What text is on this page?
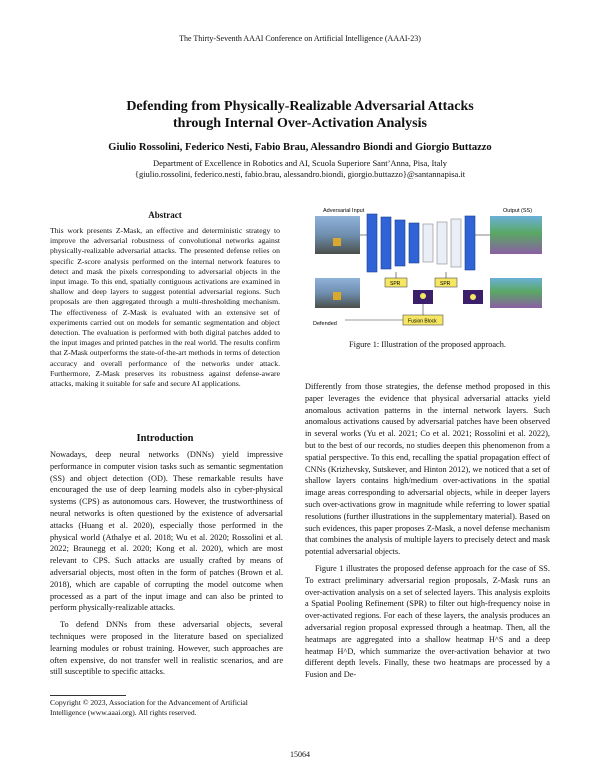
The Thirty-Seventh AAAI Conference on Artificial Intelligence (AAAI-23)
Defending from Physically-Realizable Adversarial Attacks
through Internal Over-Activation Analysis
Giulio Rossolini, Federico Nesti, Fabio Brau, Alessandro Biondi and Giorgio Buttazzo
Department of Excellence in Robotics and AI, Scuola Superiore Sant’Anna, Pisa, Italy
{giulio.rossolini, federico.nesti, fabio.brau, alessandro.biondi, giorgio.buttazzo}@santannapisa.it
Abstract
This work presents Z-Mask, an effective and deterministic strategy to improve the adversarial robustness of convolutional networks against physically-realizable adversarial attacks. The presented defense relies on specific Z-score analysis performed on the internal network features to detect and mask the pixels corresponding to adversarial objects in the input image. To this end, spatially contiguous activations are examined in shallow and deep layers to suggest potential adversarial regions. Such proposals are then aggregated through a multi-thresholding mechanism. The effectiveness of Z-Mask is evaluated with an extensive set of experiments carried out on models for semantic segmentation and object detection. The evaluation is performed with both digital patches added to the input images and printed patches in the real world. The results confirm that Z-Mask outperforms the state-of-the-art methods in terms of detection accuracy and overall performance of the networks under attack. Furthermore, Z-Mask preserves its robustness against defense-aware attacks, making it suitable for safe and secure AI applications.
Introduction

Nowadays, deep neural networks (DNNs) yield impressive performance in computer vision tasks such as semantic segmentation (SS) and object detection (OD). These remarkable results have encouraged the use of deep learning models also in cyber-physical systems (CPS) as autonomous cars. However, the trustworthiness of neural networks is often questioned by the existence of adversarial attacks (Huang et al. 2020), especially those performed in the physical world (Athalye et al. 2018; Wu et al. 2020; Rossolini et al. 2022; Braunegg et al. 2020; Kong et al. 2020), which are most relevant to CPS. Such attacks are usually crafted by means of adversarial objects, most often in the form of patches (Brown et al. 2018), which are capable of corrupting the model outcome when processed as a part of the input image and can also be printed to perform physically-realizable attacks.

To defend DNNs from these adversarial objects, several techniques were proposed in the literature based on specialized learning modules or robust training. However, such approaches are often expensive, do not transfer well in realistic scenarios, and are still susceptible to specific attacks.

Copyright © 2023, Association for the Advancement of Artificial Intelligence (www.aaai.org). All rights reserved.
Adversarial Input
Defended
Output (SS)
SPR	SPR
Fusion Block
Figure 1: Illustration of the proposed approach.

Differently from those strategies, the defense method proposed in this paper leverages the evidence that physical adversarial attacks yield anomalous activation patterns in the internal network layers. Such anomalous activations caused by adversarial patches have been observed in several works (Yu et al. 2021; Co et al. 2021; Rossolini et al. 2022), but to the best of our records, no studies deepen this phenomenon from a spatial perspective. To this end, recalling the spatial propagation effect of CNNs (Krizhevsky, Sutskever, and Hinton 2012), we noticed that a set of shallow layers contains high/medium over-activations in the spatial image areas corresponding to adversarial objects, while in deeper layers such over-activations grow in magnitude while referring to lower spatial resolutions (further illustrations in the supplementary material). Based on such evidences, this paper proposes Z-Mask, a novel defense mechanism that combines the analysis of multiple layers to precisely detect and mask potential adversarial objects.

Figure 1 illustrates the proposed defense approach for the case of SS. To extract preliminary adversarial region proposals, Z-Mask runs an over-activation analysis on a set of selected layers. This analysis exploits a Spatial Pooling Refinement (SPR) to filter out high-frequency noise in over-activated regions. For each of these layers, the analysis produces an adversarial region proposal expressed through a heatmap. Then, all the heatmaps are aggregated into a shallow heatmap H^S and a deep heatmap H^D, which summarize the over-activation behavior at two different depth levels. Finally, these two heatmaps are processed by a Fusion and De-

15064
